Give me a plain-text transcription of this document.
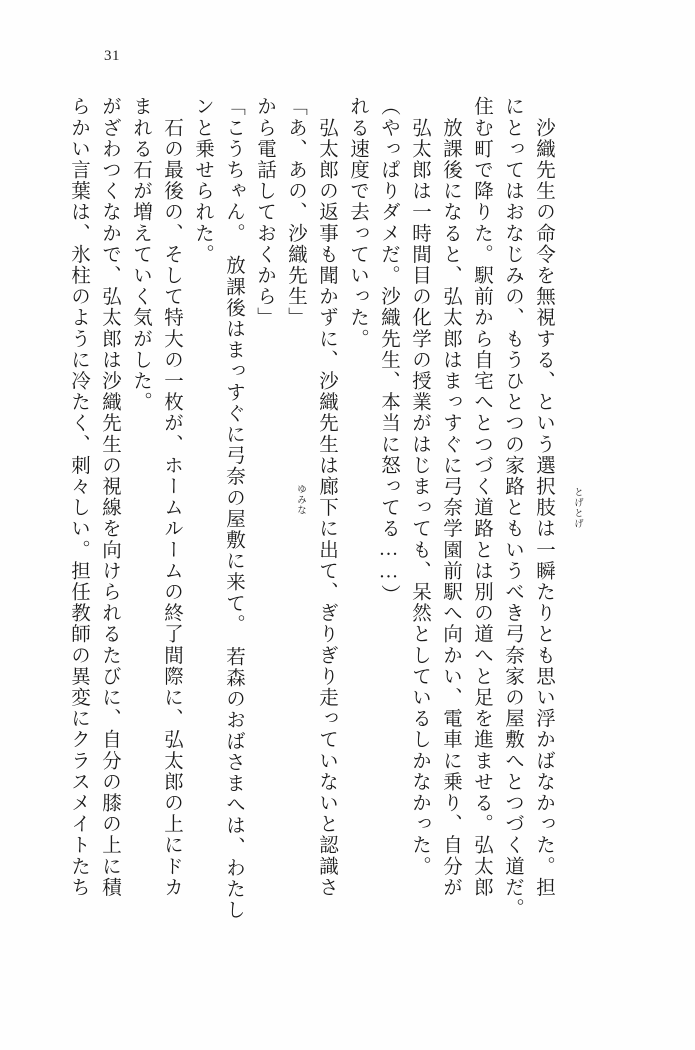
31
らかい言葉は、氷柱のように冷たく、刺々しい。担任教師の異変にクラスメイトたち がざわつくなかで、弘太郎は沙織先生の視線を向けられるたびに、自分の膝の上に積 まれる石が増えていく気がした。 　石の最後の、そして特大の一枚が、ホームルームの終了間際に、弘太郎の上にドカ ンと乗せられた。 「こうちゃん。　放課後はまっすぐに弓奈の屋敷に来て。　若森のおばさまへは、わたし から電話しておくから」 「あ、あの、沙織先生」 　弘太郎の返事も聞かずに、沙織先生は廊下に出て、ぎりぎり走っていないと認識さ れる速度で去っていった。 （やっぱりダメだ。沙織先生、本当に怒ってる……） 　弘太郎は一時間目の化学の授業がはじまっても、呆然としているしかなかった。 　放課後になると、弘太郎はまっすぐに弓奈学園前駅へ向かい、電車に乗り、自分が 住む町で降りた。駅前から自宅へとつづく道路とは別の道へと足を進ませる。弘太郎 にとってはおなじみの、もうひとつの家路ともいうべき弓奈家の屋敷へとつづく道だ。 　沙織先生の命令を無視する、という選択肢は一瞬たりとも思い浮かばなかった。担 とげとげ
ゆみな
